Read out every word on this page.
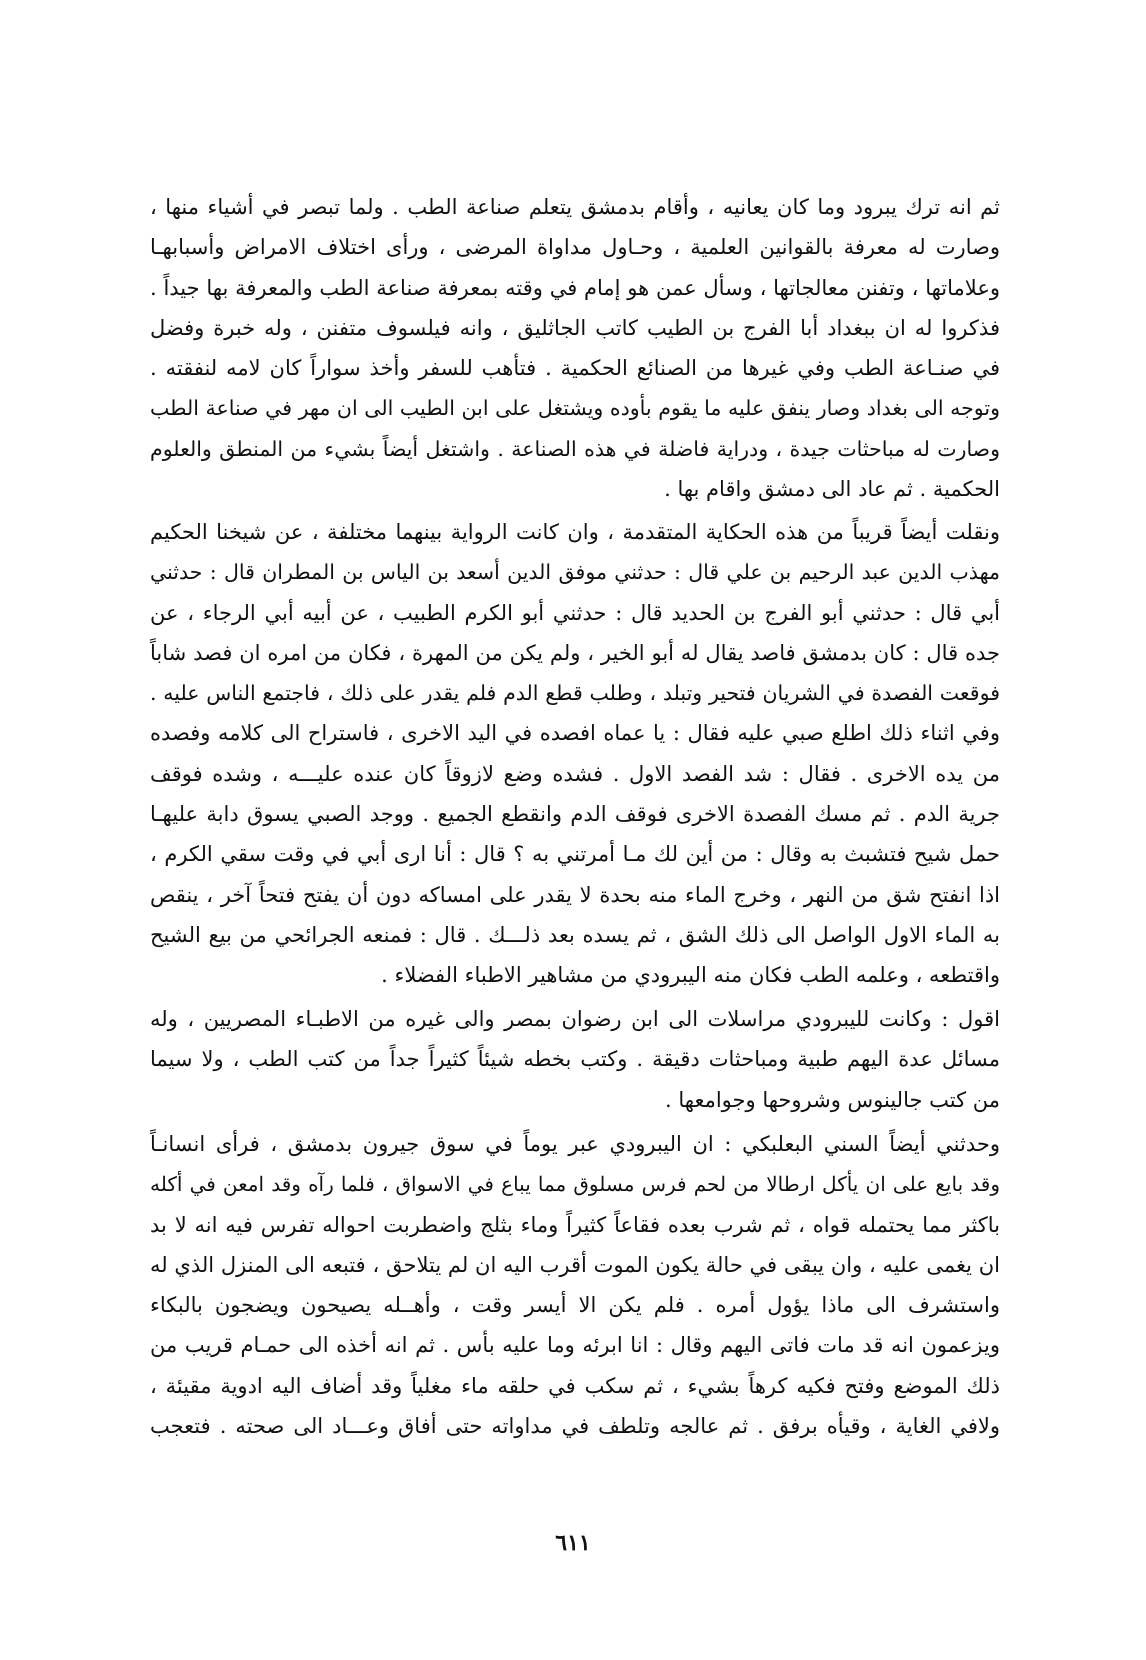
ثم انه ترك يبرود وما كان يعانيه ، وأقام بدمشق يتعلم صناعة الطب . ولما تبصر في أشياء منها ،
وصارت له معرفة بالقوانين العلمية ، وحـاول مداواة المرضى ، ورأى اختلاف الامراض وأسبابهـا
وعلاماتها ، وتفنن معالجاتها ، وسأل عمن هو إمام في وقته بمعرفة صناعة الطب والمعرفة بها جيداً .
فذكروا له ان ببغداد أبا الفرج بن الطيب كاتب الجاثليق ، وانه فيلسوف متفنن ، وله خبرة وفضل
في صنـاعة الطب وفي غيرها من الصنائع الحكمية . فتأهب للسفر وأخذ سواراً كان لامه لنفقته .
وتوجه الى بغداد وصار ينفق عليه ما يقوم بأوده ويشتغل على ابن الطيب الى ان مهر في صناعة الطب
وصارت له مباحثات جيدة ، ودراية فاضلة في هذه الصناعة . واشتغل أيضاً بشيء من المنطق والعلوم
الحكمية . ثم عاد الى دمشق واقام بها .

ونقلت أيضاً قريباً من هذه الحكاية المتقدمة ، وان كانت الرواية بينهما مختلفة ، عن شيخنا الحكيم
مهذب الدين عبد الرحيم بن علي قال : حدثني موفق الدين أسعد بن الياس بن المطران قال : حدثني
أبي قال : حدثني أبو الفرج بن الحديد قال : حدثني أبو الكرم الطبيب ، عن أبيه أبي الرجاء ، عن
جده قال : كان بدمشق فاصد يقال له أبو الخير ، ولم يكن من المهرة ، فكان من امره ان فصد شاباً
فوقعت الفصدة في الشريان فتحير وتبلد ، وطلب قطع الدم فلم يقدر على ذلك ، فاجتمع الناس عليه .
وفي اثناء ذلك اطلع صبي عليه فقال : يا عماه افصده في اليد الاخرى ، فاستراح الى كلامه وفصده
من يده الاخرى . فقال : شد الفصد الاول . فشده وضع لازوقاً كان عنده عليـــه ، وشده فوقف
جرية الدم . ثم مسك الفصدة الاخرى فوقف الدم وانقطع الجميع . ووجد الصبي يسوق دابة عليهـا
حمل شيح فتشبث به وقال : من أين لك مـا أمرتني به ؟ قال : أنا ارى أبي في وقت سقي الكرم ،
اذا انفتح شق من النهر ، وخرج الماء منه بحدة لا يقدر على امساكه دون أن يفتح فتحاً آخر ، ينقص
به الماء الاول الواصل الى ذلك الشق ، ثم يسده بعد ذلـــك . قال : فمنعه الجرائحي من بيع الشيح
واقتطعه ، وعلمه الطب فكان منه اليبرودي من مشاهير الاطباء الفضلاء .

اقول : وكانت لليبرودي مراسلات الى ابن رضوان بمصر والى غيره من الاطبـاء المصريين ، وله
مسائل عدة اليهم طبية ومباحثات دقيقة . وكتب بخطه شيئاً كثيراً جداً من كتب الطب ، ولا سيما
من كتب جالينوس وشروحها وجوامعها .

وحدثني أيضاً السني البعلبكي : ان اليبرودي عبر يوماً في سوق جيرون بدمشق ، فرأى انسانـاً
وقد بايع على ان يأكل ارطالا من لحم فرس مسلوق مما يباع في الاسواق ، فلما رآه وقد امعن في أكله
باكثر مما يحتمله قواه ، ثم شرب بعده فقاعاً كثيراً وماء بثلج واضطربت احواله تفرس فيه انه لا بد
ان يغمى عليه ، وان يبقى في حالة يكون الموت أقرب اليه ان لم يتلاحق ، فتبعه الى المنزل الذي له
واستشرف الى ماذا يؤول أمره . فلم يكن الا أيسر وقت ، وأهــله يصيحون ويضجون بالبكاء
ويزعمون انه قد مات فاتى اليهم وقال : انا ابرئه وما عليه بأس . ثم انه أخذه الى حمـام قريب من
ذلك الموضع وفتح فكيه كرهاً بشيء ، ثم سكب في حلقه ماء مغلياً وقد أضاف اليه ادوية مقيئة ،
ولافي الغاية ، وقيأه برفق . ثم عالجه وتلطف في مداواته حتى أفاق وعـــاد الى صحته . فتعجب

٦١١
